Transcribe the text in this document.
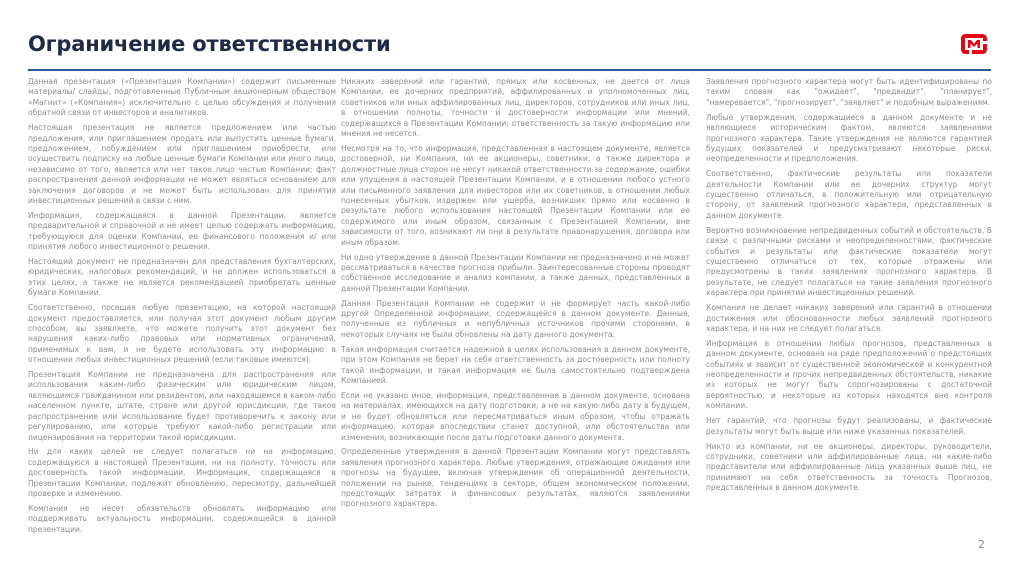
Ограничение ответственности

Данная презентация («Презентация Компании») содержит письменные материалы/ слайды, подготовленные Публичным акционерным обществом «Магнит» («Компания») исключительно с целью обсуждения и получения обратной связи от инвесторов и аналитиков.

Настоящая презентация не является предложением или частью предложения, или приглашением продать или выпустить ценные бумаги, предложением, побуждением или приглашением приобрести, или осуществить подписку на любые ценные бумаги Компании или иного лица, независимо от того, является или нет такое лицо частью Компании; факт распространения данной информации не может являться основанием для заключения договоров и не может быть использован для принятия инвестиционных решений в связи с ним.

Информация, содержащаяся в данной Презентации, является предварительной и справочной и не имеет целью содержать информацию, требующуюся для оценки Компании, ее финансового положения и/ или принятия любого инвестиционного решения.

Настоящий документ не предназначен для представления бухгалтерских, юридических, налоговых рекомендаций, и не должен использоваться в этих целях, а также не является рекомендацией приобретать ценные бумаги Компании.

Соответственно, посещая любую презентацию, на которой настоящий документ предоставляется, или получая этот документ любым другим способом, вы заявляете, что можете получить этот документ без нарушения каких-либо правовых или нормативных ограничений, применимых к вам, и не будете использовать эту информацию в отношении любых инвестиционных решений (если таковые имеются).

Презентация Компании не предназначена для распространения или использования каким-либо физическим или юридическим лицом, являющимся гражданином или резидентом, или находящемся в каком-либо населенном пункте, штате, стране или другой юрисдикции, где такое распространение или использование будет противоречить к закону или регулированию, или которые требуют какой-либо регистрации или лицензирования на территории такой юрисдикции.

Ни для каких целей не следует полагаться ни на информацию, содержащуюся в настоящей Презентации, ни на полноту, точность или достоверность такой информации. Информация, содержащаяся в Презентации Компании, подлежит обновлению, пересмотру, дальнейшей проверке и изменению.

Компания не несет обязательств обновлять информацию или поддерживать актуальность информации, содержащейся в данной презентации.

Никаких заверений или гарантий, прямых или косвенных, не дается от лица Компании, ее дочерних предприятий, аффилированных и уполномоченных лиц, советников или иных аффилированных лиц, директоров, сотрудников или иных лиц, в отношении полноты, точности и достоверности информации или мнений, содержащихся в Презентации Компании; ответственность за такую информацию или мнения не несется.

Несмотря на то, что информация, представленная в настоящем документе, является достоверной, ни Компания, ни ее акционеры, советники, а также директора и должностные лица сторон не несут никакой ответственности за содержание, ошибки или упущения в настоящей Презентации Компании, и в отношении любого устного или письменного заявления для инвесторов или их советников, в отношении любых понесенных убытков, издержек или ущерба, возникших прямо или косвенно в результате любого использования настоящей Презентации Компании или ее содержимого или иным образом, связанным с Презентацией Компании, вне зависимости от того, возникают ли они в результате правонарушения, договора или иным образом.

Ни одно утверждение в данной Презентации Компании не предназначено и не может рассматриваться в качестве прогноза прибыли. Заинтересованные стороны проводят собственное исследование и анализ компании, а также данных, представленных в данной Презентации Компании.

Данная Презентация Компании не содержит и не формирует часть какой-либо другой Определенной информации, содержащейся в данном документе. Данные, полученные из публичных и непубличных источников прочими сторонами, в некоторых случаях не были обновлены на дату данного документа.

Такая информация считается надежной в целях использования в данном документе, при этом Компания не берет на себя ответственность за достоверность или полноту такой информации, и такая информация не была самостоятельно подтверждена Компанией.

Если не указано иное, информация, представленная в данном документе, основана на материалах, имеющихся на дату подготовки, а не на какую-либо дату в будущем, и не будет обновляться или пересматриваться иным образом, чтобы отражать информацию, которая впоследствии станет доступной, или обстоятельства или изменения, возникающие после даты подготовки данного документа.

Определенные утверждения в данной Презентации Компании могут представлять заявления прогнозного характера. Любые утверждения, отражающие ожидания или прогнозы на будущее, включая утверждения об операционной деятельности, положении на рынке, тенденциях в секторе, общем экономическом положении, предстоящих затратах и финансовых результатах, являются заявлениями прогнозного характера.

Заявления прогнозного характера могут быть идентифицированы по таким словам как "ожидает", "предвидит", "планирует", "намеревается", "прогнозирует", "заявляет" и подобным выражениям.

Любые утверждения, содержащиеся в данном документе и не являющиеся историческим фактом, являются заявлениями прогнозного характера. Такие утверждения не являются гарантией будущих показателей и предусматривают некоторые риски, неопределенности и предположения.

Соответственно, фактические результаты или показатели деятельности Компании или ее дочерних структур могут существенно отличаться, в положительную или отрицательную сторону, от заявлений прогнозного характера, представленных в данном документе.

Вероятно возникновение непредвиденных событий и обстоятельств. В связи с различными рисками и неопределенностями, фактические события и результаты или фактические показатели могут существенно отличаться от тех, которые отражены или предусмотрены в таких заявлениях прогнозного характера. В результате, не следует полагаться на такие заявления прогнозного характера при принятии инвестиционных решений.

Компания не делает никаких заверений или гарантий в отношении достижения или обоснованности любых заявлений прогнозного характера, и на них не следует полагаться.

Информация в отношении любых прогнозов, представленных в данном документе, основана на ряде предположений о предстоящих событиях и зависит от существенной экономической и конкурентной неопределенности и прочих непредвиденных обстоятельств, никакие из которых не могут быть спрогнозированы с достаточной вероятностью, и некоторые из которых находятся вне контроля компании.

Нет гарантий, что прогнозы будут реализованы, и фактические результаты могут быть выше или ниже указанных показателей.

Никто из компании, ни ее акционеры, директоры, руководители, сотрудники, советники или аффилированные лица, ни какие-либо представители или аффилированные лица указанных выше лиц, не принимают на себя ответственность за точность Прогнозов, представленных в данном документе.

2
